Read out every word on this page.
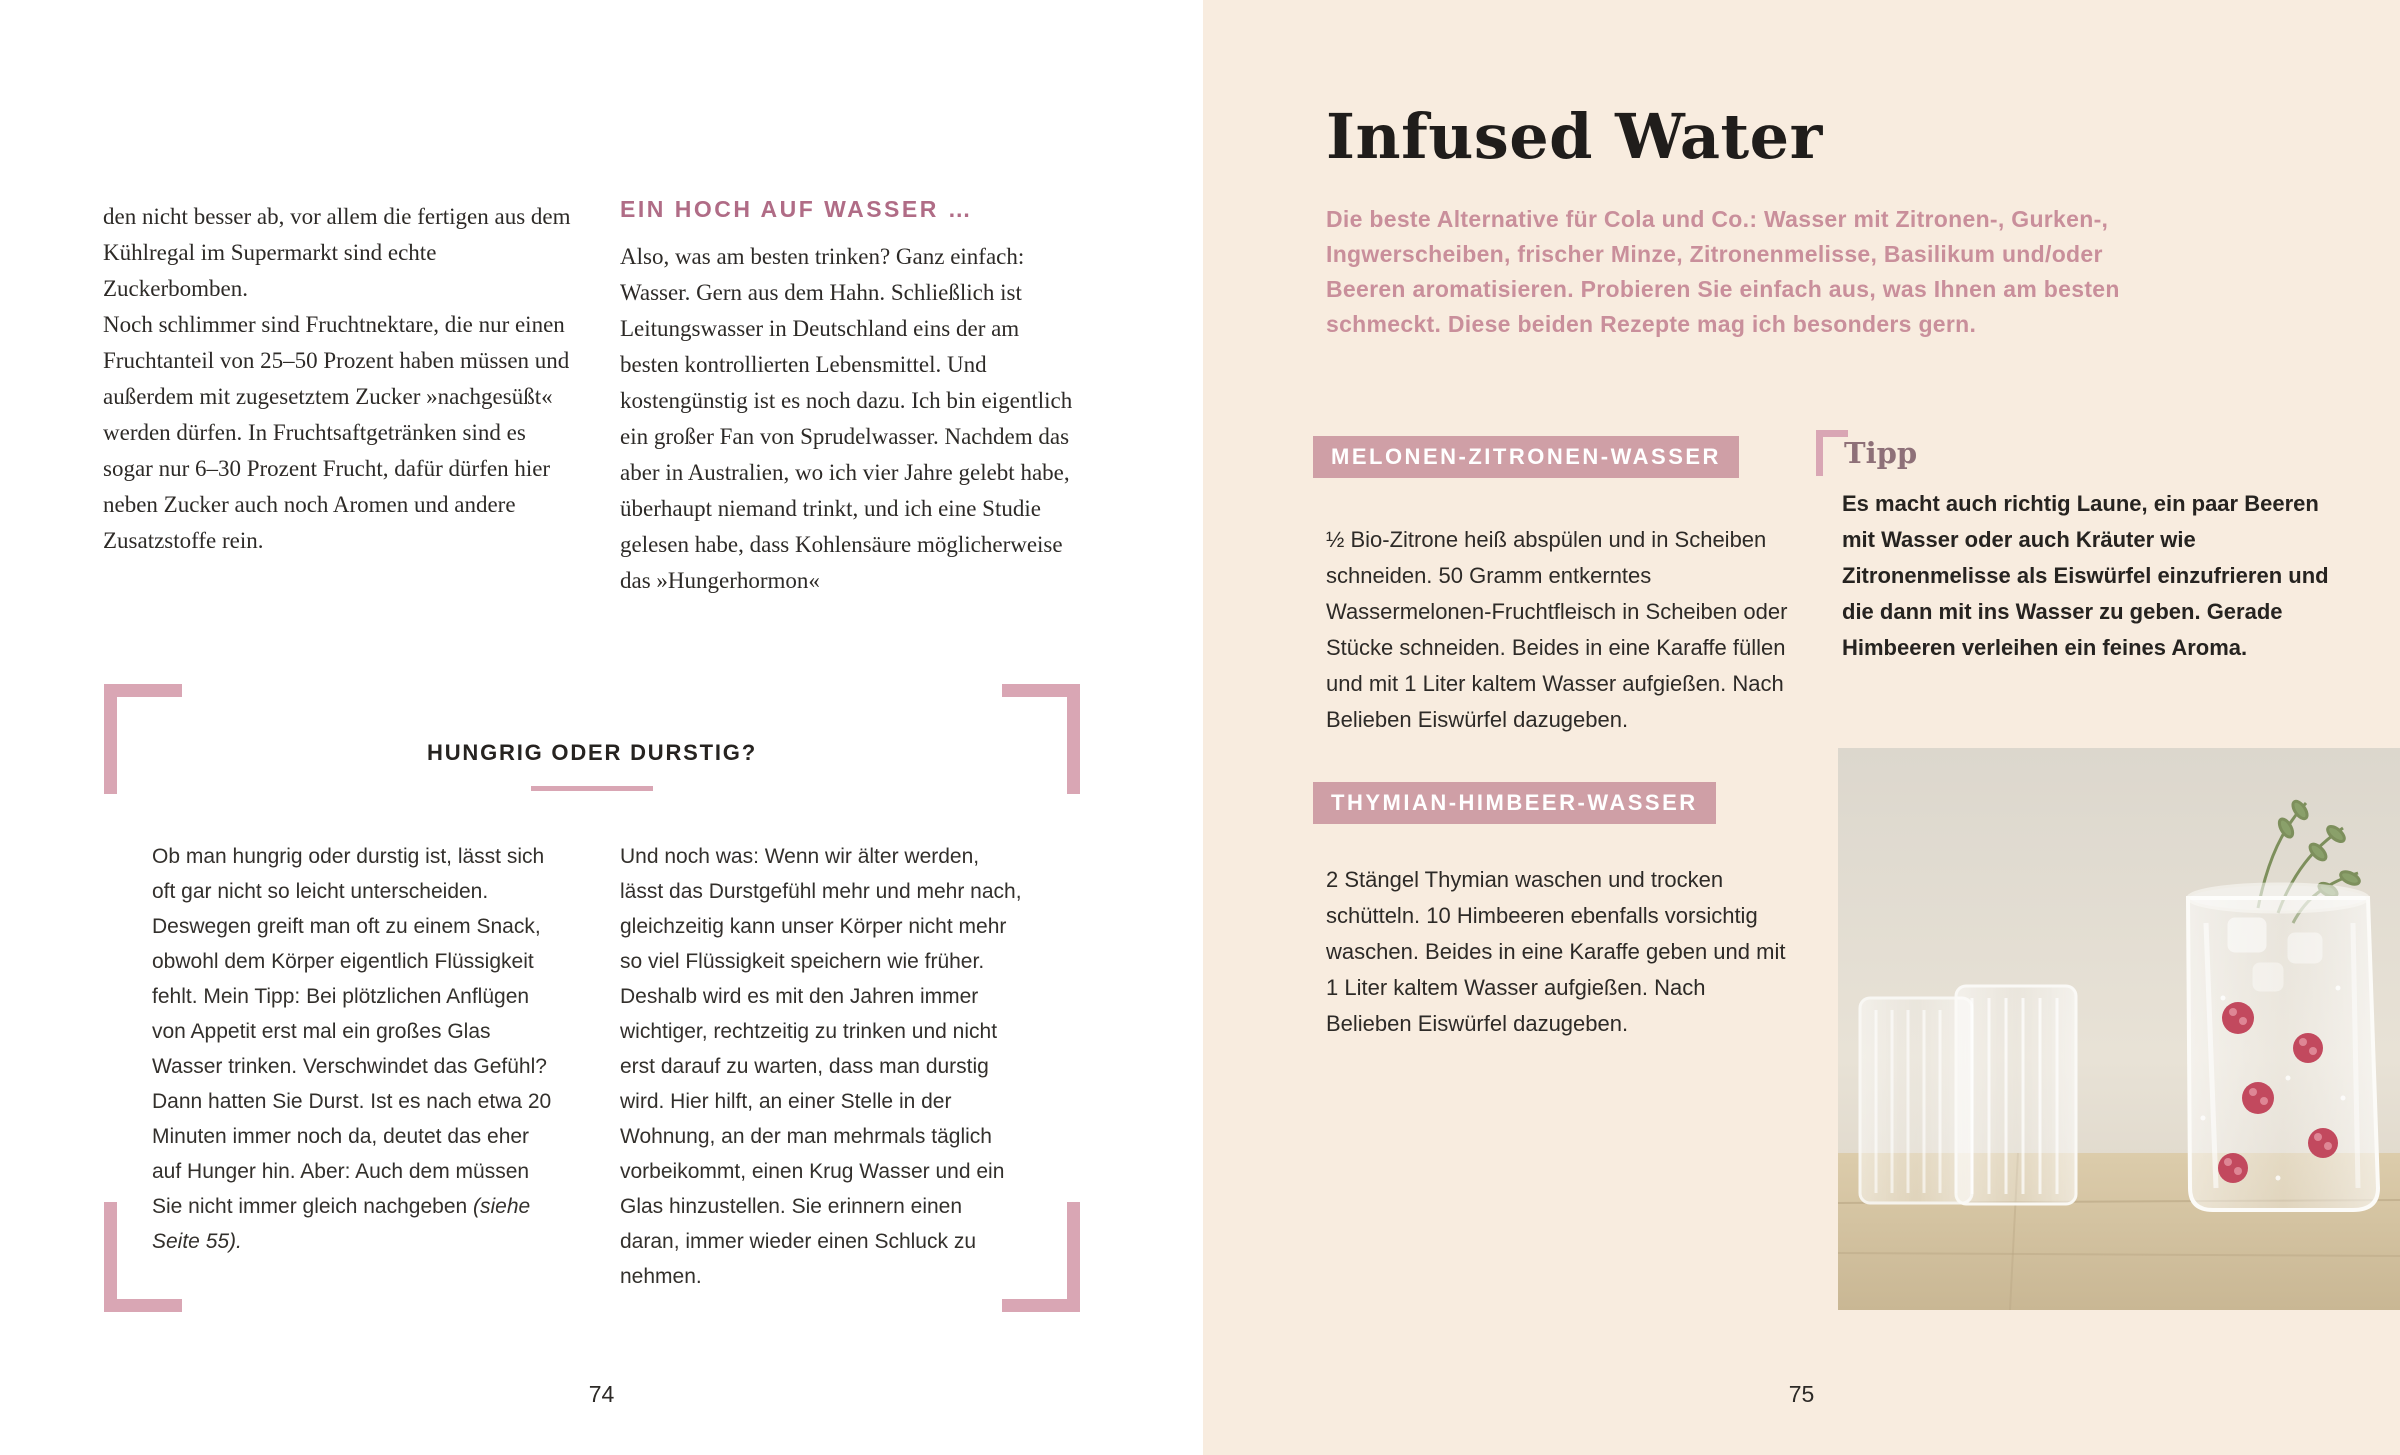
den nicht besser ab, vor allem die fertigen aus dem Kühlregal im Supermarkt sind echte Zuckerbomben.

Noch schlimmer sind Fruchtnektare, die nur einen Fruchtanteil von 25–50 Prozent haben müssen und außerdem mit zugesetztem Zucker »nachgesüßt« werden dürfen. In Fruchtsaftgetränken sind es sogar nur 6–30 Prozent Frucht, dafür dürfen hier neben Zucker auch noch Aromen und andere Zusatzstoffe rein.

EIN HOCH AUF WASSER …

Also, was am besten trinken? Ganz einfach: Wasser. Gern aus dem Hahn. Schließlich ist Leitungswasser in Deutschland eins der am besten kontrollierten Lebensmittel. Und kostengünstig ist es noch dazu. Ich bin eigentlich ein großer Fan von Sprudelwasser. Nachdem das aber in Australien, wo ich vier Jahre gelebt habe, überhaupt niemand trinkt, und ich eine Studie gelesen habe, dass Kohlensäure möglicherweise das »Hungerhormon«

HUNGRIG ODER DURSTIG?

Ob man hungrig oder durstig ist, lässt sich oft gar nicht so leicht unterscheiden. Deswegen greift man oft zu einem Snack, obwohl dem Körper eigentlich Flüssigkeit fehlt. Mein Tipp: Bei plötzlichen Anflügen von Appetit erst mal ein großes Glas Wasser trinken. Verschwindet das Gefühl? Dann hatten Sie Durst. Ist es nach etwa 20 Minuten immer noch da, deutet das eher auf Hunger hin. Aber: Auch dem müssen Sie nicht immer gleich nachgeben (siehe Seite 55).

Und noch was: Wenn wir älter werden, lässt das Durstgefühl mehr und mehr nach, gleichzeitig kann unser Körper nicht mehr so viel Flüssigkeit speichern wie früher. Deshalb wird es mit den Jahren immer wichtiger, rechtzeitig zu trinken und nicht erst darauf zu warten, dass man durstig wird. Hier hilft, an einer Stelle in der Wohnung, an der man mehrmals täglich vorbeikommt, einen Krug Wasser und ein Glas hinzustellen. Sie erinnern einen daran, immer wieder einen Schluck zu nehmen.

74
Infused Water

Die beste Alternative für Cola und Co.: Wasser mit Zitronen-, Gurken-, Ingwerscheiben, frischer Minze, Zitronenmelisse, Basilikum und/oder Beeren aromatisieren. Probieren Sie einfach aus, was Ihnen am besten schmeckt. Diese beiden Rezepte mag ich besonders gern.

MELONEN-ZITRONEN-WASSER

½ Bio-Zitrone heiß abspülen und in Scheiben schneiden. 50 Gramm entkerntes Wassermelonen-Fruchtfleisch in Scheiben oder Stücke schneiden. Beides in eine Karaffe füllen und mit 1 Liter kaltem Wasser aufgießen. Nach Belieben Eiswürfel dazugeben.

THYMIAN-HIMBEER-WASSER

2 Stängel Thymian waschen und trocken schütteln. 10 Himbeeren ebenfalls vorsichtig waschen. Beides in eine Karaffe geben und mit 1 Liter kaltem Wasser aufgießen. Nach Belieben Eiswürfel dazugeben.

Tipp

Es macht auch richtig Laune, ein paar Beeren mit Wasser oder auch Kräuter wie Zitronenmelisse als Eiswürfel einzufrieren und die dann mit ins Wasser zu geben. Gerade Himbeeren verleihen ein feines Aroma.

75
